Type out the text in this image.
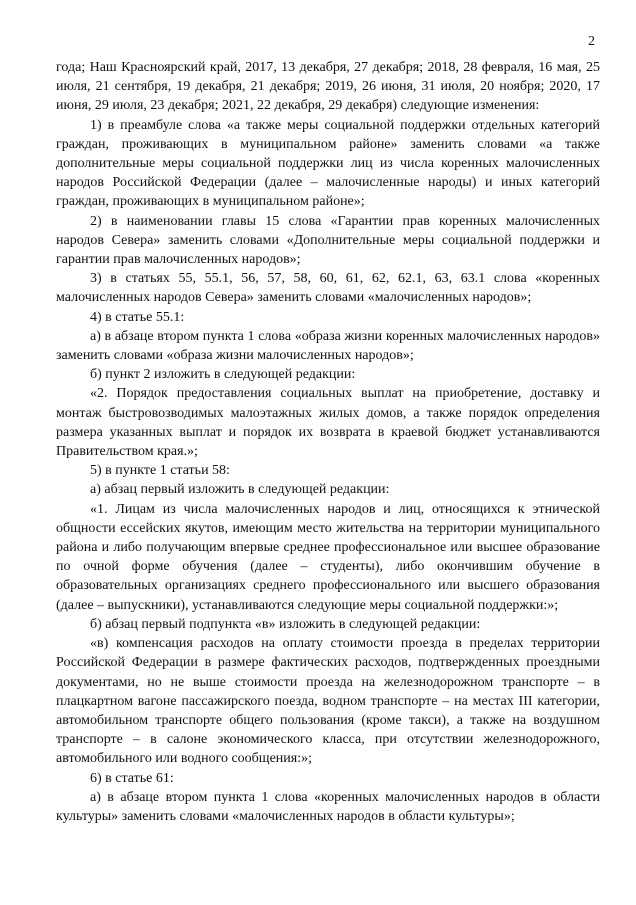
2

года; Наш Красноярский край, 2017, 13 декабря, 27 декабря; 2018, 28 февраля, 16 мая, 25 июля, 21 сентября, 19 декабря, 21 декабря; 2019, 26 июня, 31 июля, 20 ноября; 2020, 17 июня, 29 июля, 23 декабря; 2021, 22 декабря, 29 декабря) следующие изменения:

1) в преамбуле слова «а также меры социальной поддержки отдельных категорий граждан, проживающих в муниципальном районе» заменить словами «а также дополнительные меры социальной поддержки лиц из числа коренных малочисленных народов Российской Федерации (далее – малочисленные народы) и иных категорий граждан, проживающих в муниципальном районе»;

2) в наименовании главы 15 слова «Гарантии прав коренных малочисленных народов Севера» заменить словами «Дополнительные меры социальной поддержки и гарантии прав малочисленных народов»;

3) в статьях 55, 55.1, 56, 57, 58, 60, 61, 62, 62.1, 63, 63.1 слова «коренных малочисленных народов Севера» заменить словами «малочисленных народов»;

4) в статье 55.1:

а) в абзаце втором пункта 1 слова «образа жизни коренных малочисленных народов» заменить словами «образа жизни малочисленных народов»;

б) пункт 2 изложить в следующей редакции:

«2. Порядок предоставления социальных выплат на приобретение, доставку и монтаж быстровозводимых малоэтажных жилых домов, а также порядок определения размера указанных выплат и порядок их возврата в краевой бюджет устанавливаются Правительством края.»;

5) в пункте 1 статьи 58:

а) абзац первый изложить в следующей редакции:

«1. Лицам из числа малочисленных народов и лиц, относящихся к этнической общности ессейских якутов, имеющим место жительства на территории муниципального района и либо получающим впервые среднее профессиональное или высшее образование по очной форме обучения (далее – студенты), либо окончившим обучение в образовательных организациях среднего профессионального или высшего образования (далее – выпускники), устанавливаются следующие меры социальной поддержки:»;

б) абзац первый подпункта «в» изложить в следующей редакции:

«в) компенсация расходов на оплату стоимости проезда в пределах территории Российской Федерации в размере фактических расходов, подтвержденных проездными документами, но не выше стоимости проезда на железнодорожном транспорте – в плацкартном вагоне пассажирского поезда, водном транспорте – на местах III категории, автомобильном транспорте общего пользования (кроме такси), а также на воздушном транспорте – в салоне экономического класса, при отсутствии железнодорожного, автомобильного или водного сообщения:»;

6) в статье 61:

а) в абзаце втором пункта 1 слова «коренных малочисленных народов в области культуры» заменить словами «малочисленных народов в области культуры»;
